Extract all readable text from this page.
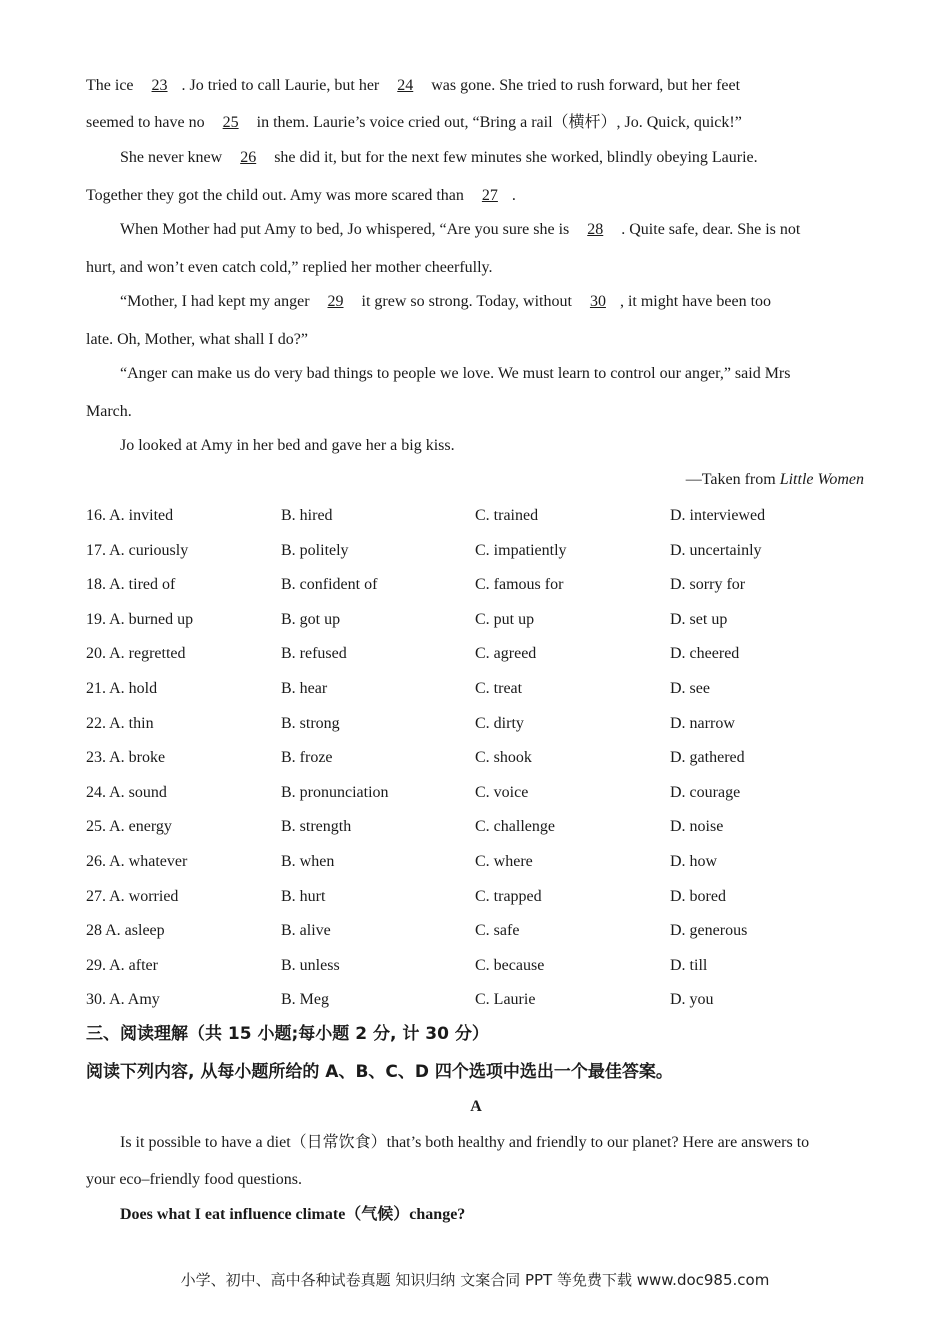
The ice 23 . Jo tried to call Laurie, but her 24 was gone. She tried to rush forward, but her feet
seemed to have no 25 in them. Laurie’s voice cried out, “Bring a rail（横杆）, Jo. Quick, quick!”
She never knew 26 she did it, but for the next few minutes she worked, blindly obeying Laurie.
Together they got the child out. Amy was more scared than 27 .
When Mother had put Amy to bed, Jo whispered, “Are you sure she is 28 . Quite safe, dear. She is not
hurt, and won’t even catch cold,” replied her mother cheerfully.
“Mother, I had kept my anger 29 it grew so strong. Today, without 30 , it might have been too
late. Oh, Mother, what shall I do?”
“Anger can make us do very bad things to people we love. We must learn to control our anger,” said Mrs
March.
Jo looked at Amy in her bed and gave her a big kiss.
—Taken from Little Women
16. A. invited	B. hired	C. trained	D. interviewed
17. A. curiously	B. politely	C. impatiently	D. uncertainly
18. A. tired of	B. confident of	C. famous for	D. sorry for
19. A. burned up	B. got up	C. put up	D. set up
20. A. regretted	B. refused	C. agreed	D. cheered
21. A. hold	B. hear	C. treat	D. see
22. A. thin	B. strong	C. dirty	D. narrow
23. A. broke	B. froze	C. shook	D. gathered
24. A. sound	B. pronunciation	C. voice	D. courage
25. A. energy	B. strength	C. challenge	D. noise
26. A. whatever	B. when	C. where	D. how
27. A. worried	B. hurt	C. trapped	D. bored
28 A. asleep	B. alive	C. safe	D. generous
29. A. after	B. unless	C. because	D. till
30. A. Amy	B. Meg	C. Laurie	D. you
三、阅读理解（共 15 小题;每小题 2 分, 计 30 分）
阅读下列内容, 从每小题所给的 A、B、C、D 四个选项中选出一个最佳答案。
A
Is it possible to have a diet（日常饮食）that’s both healthy and friendly to our planet? Here are answers to
your eco–friendly food questions.
Does what I eat influence climate（气候）change?
小学、初中、高中各种试卷真题 知识归纳 文案合同 PPT 等免费下载 www.doc985.com
